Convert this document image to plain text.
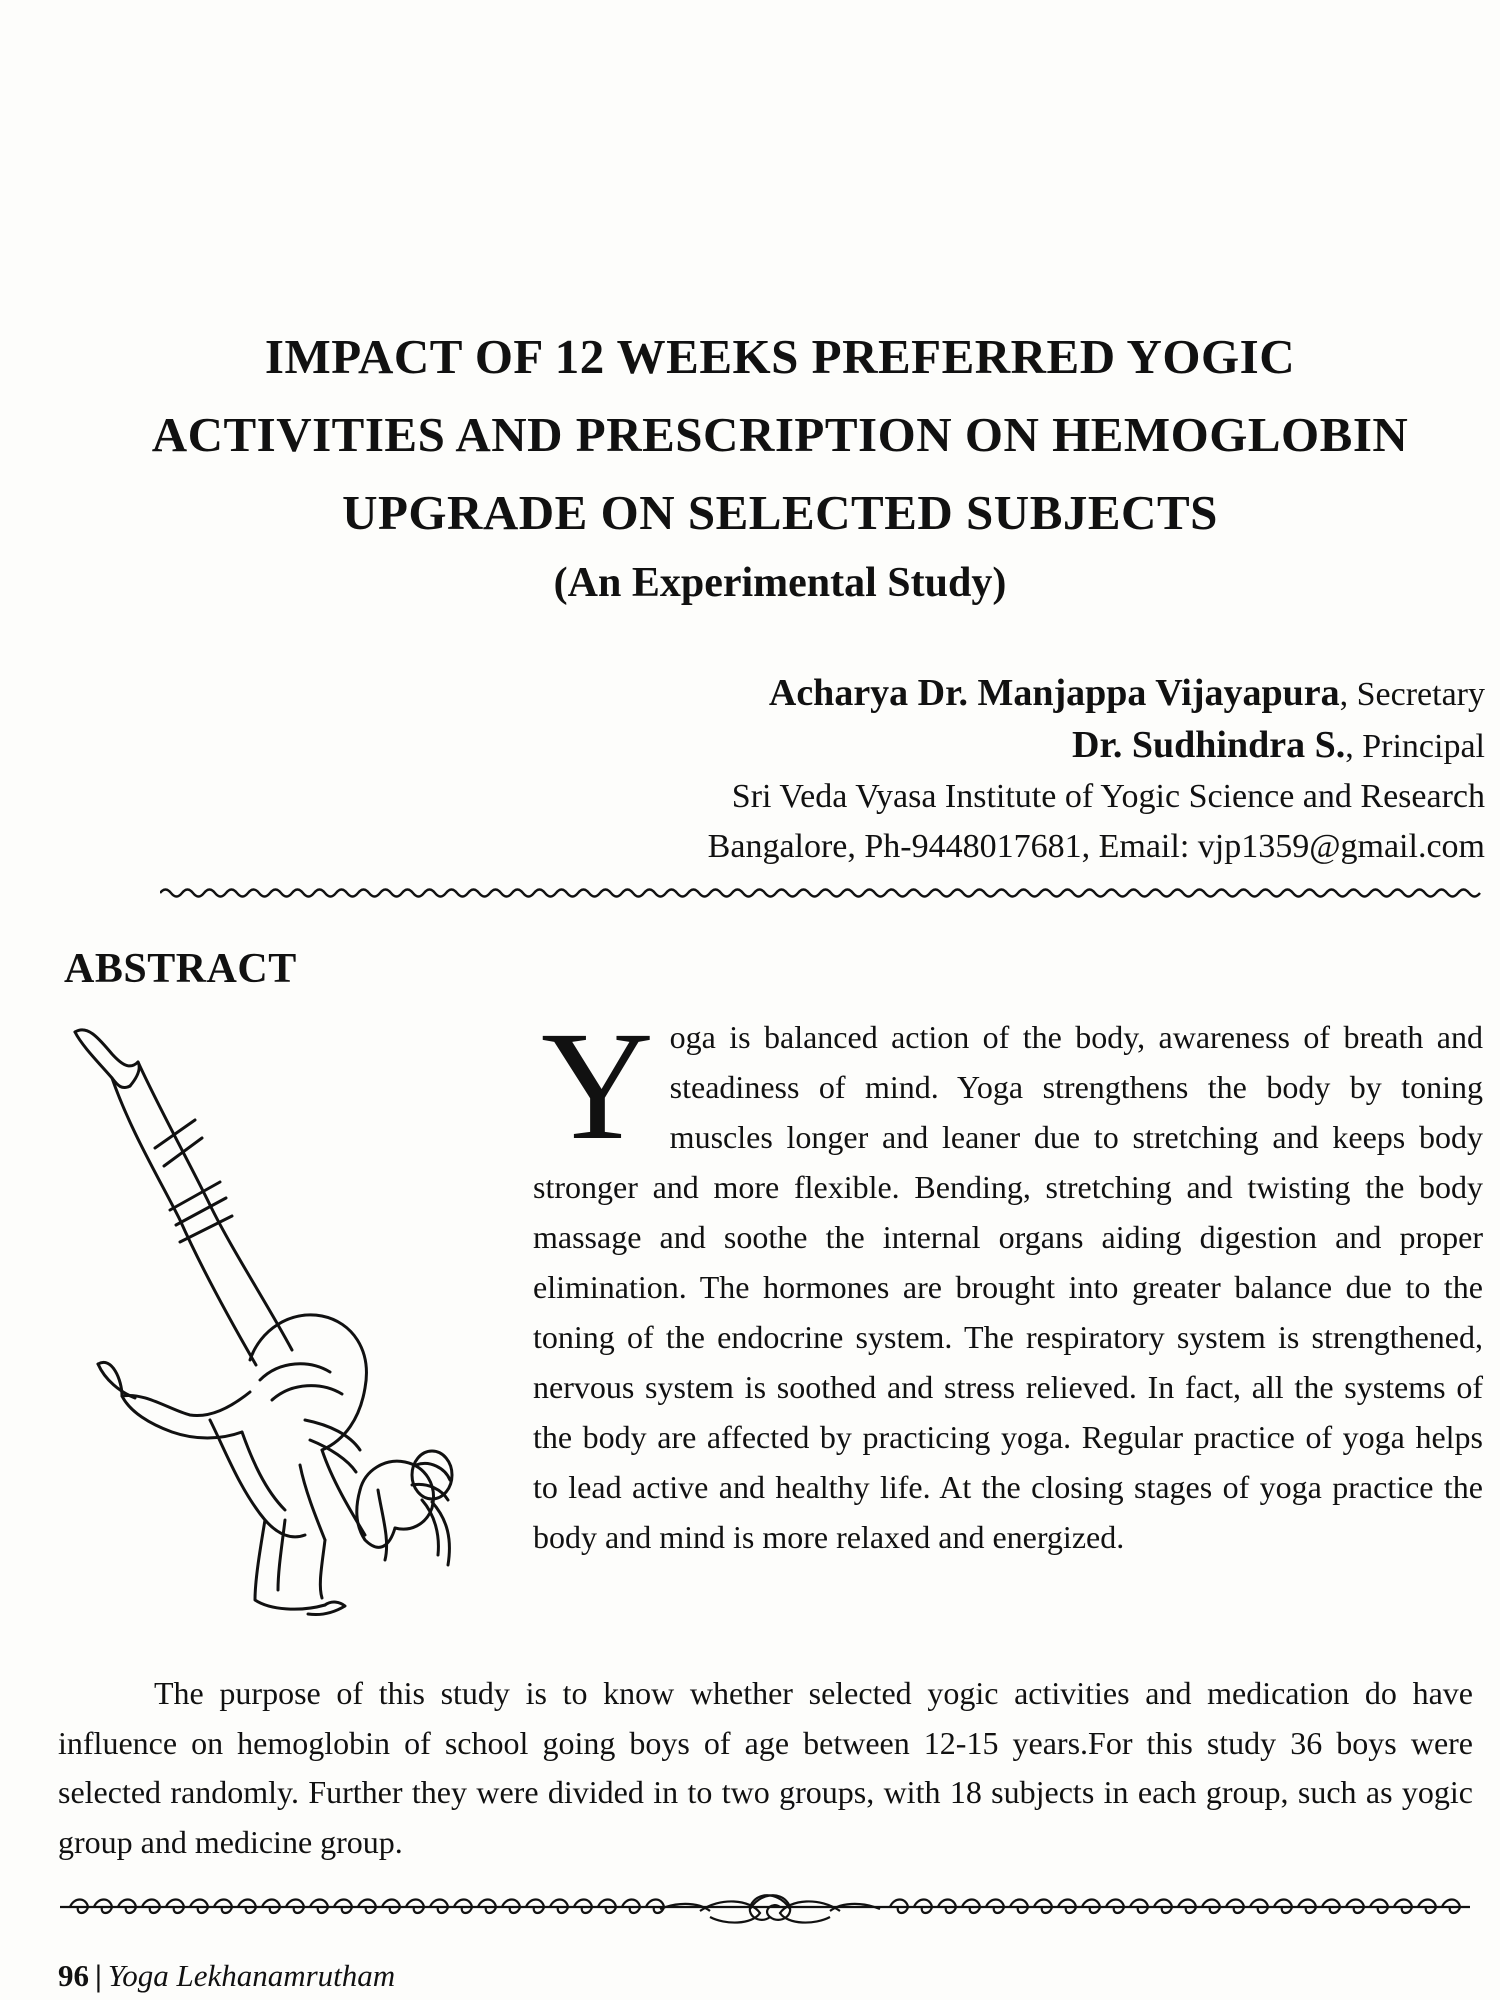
IMPACT OF 12 WEEKS PREFERRED YOGIC
ACTIVITIES AND PRESCRIPTION ON HEMOGLOBIN
UPGRADE ON SELECTED SUBJECTS
(An Experimental Study)
Acharya Dr. Manjappa Vijayapura, Secretary
Dr. Sudhindra S., Principal
Sri Veda Vyasa Institute of Yogic Science and Research
Bangalore, Ph-9448017681, Email: vjp1359@gmail.com
ABSTRACT
Yoga is balanced action of the body, awareness of breath and steadiness of mind. Yoga strengthens the body by toning muscles longer and leaner due to stretching and keeps body stronger and more flexible. Bending, stretching and twisting the body massage and soothe the internal organs aiding digestion and proper elimination. The hormones are brought into greater balance due to the toning of the endocrine system. The respiratory system is strengthened, nervous system is soothed and stress relieved. In fact, all the systems of the body are affected by practicing yoga. Regular practice of yoga helps to lead active and healthy life. At the closing stages of yoga practice the body and mind is more relaxed and energized.
The purpose of this study is to know whether selected yogic activities and medication do have influence on hemoglobin of school going boys of age between 12-15 years.For this study 36 boys were selected randomly. Further they were divided in to two groups, with 18 subjects in each group, such as yogic group and medicine group.
96 | Yoga Lekhanamrutham
